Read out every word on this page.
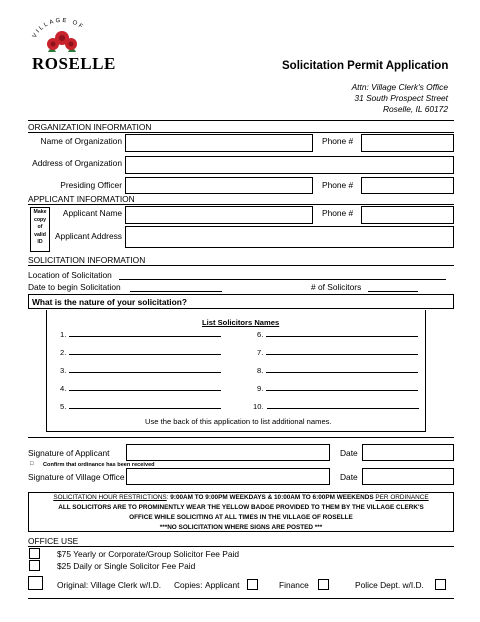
VILLAGE OF
ROSELLE	Solicitation Permit Application
Attn: Village Clerk's Office
31 South Prospect Street
Roselle, IL 60172
ORGANIZATION INFORMATION
Name of Organization	Phone #
Address of Organization
Presiding Officer	Phone #
APPLICANT INFORMATION
Make
copy
of
valid
ID
Applicant Name	Phone #
Applicant Address
SOLICITATION INFORMATION
Location of Solicitation
Date to begin Solicitation	# of Solicitors
What is the nature of your solicitation?
List Solicitors Names
1.
2.
3.
4.
5.
6.
7.
8.
9.
10.
Use the back of this application to list additional names.
Signature of Applicant	Date
□ Confirm that ordinance has been received
Signature of Village Office	Date
SOLICITATION HOUR RESTRICTIONS: 9:00AM TO 9:00PM WEEKDAYS & 10:00AM TO 6:00PM WEEKENDS PER ORDINANCE
ALL SOLICITORS ARE TO PROMINENTLY WEAR THE YELLOW BADGE PROVIDED TO THEM BY THE VILLAGE CLERK'S
OFFICE WHILE SOLICITING AT ALL TIMES IN THE VILLAGE OF ROSELLE
***NO SOLICITATION WHERE SIGNS ARE POSTED ***
OFFICE USE
$75 Yearly or Corporate/Group Solicitor Fee Paid
$25 Daily or Single Solicitor Fee Paid
Original: Village Clerk w/I.D. Copies: Applicant	Finance	Police Dept. w/I.D.
